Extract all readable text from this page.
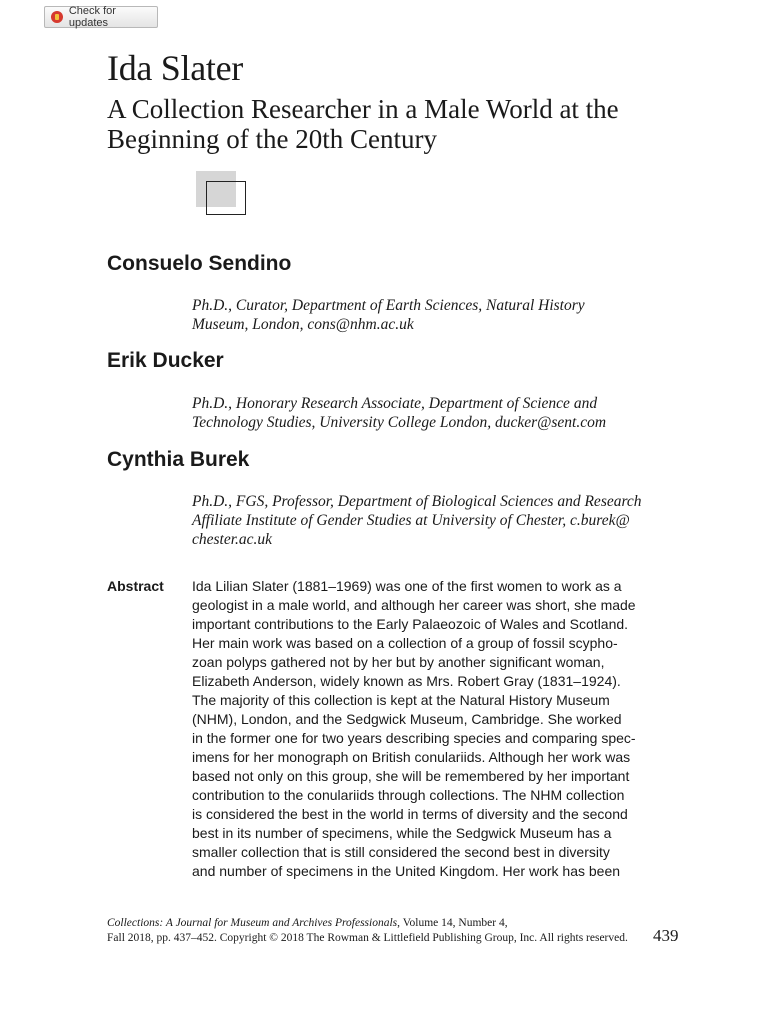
Check for updates
Ida Slater
A Collection Researcher in a Male World at the
Beginning of the 20th Century
Consuelo Sendino

Ph.D., Curator, Department of Earth Sciences, Natural History
Museum, London, cons@nhm.ac.uk

Erik Ducker

Ph.D., Honorary Research Associate, Department of Science and
Technology Studies, University College London, ducker@sent.com

Cynthia Burek

Ph.D., FGS, Professor, Department of Biological Sciences and Research
Affiliate Institute of Gender Studies at University of Chester, c.burek@
chester.ac.uk

Abstract Ida Lilian Slater (1881–1969) was one of the first women to work as a
geologist in a male world, and although her career was short, she made
important contributions to the Early Palaeozoic of Wales and Scotland.
Her main work was based on a collection of a group of fossil scypho-
zoan polyps gathered not by her but by another significant woman,
Elizabeth Anderson, widely known as Mrs. Robert Gray (1831–1924).
The majority of this collection is kept at the Natural History Museum
(NHM), London, and the Sedgwick Museum, Cambridge. She worked
in the former one for two years describing species and comparing spec-
imens for her monograph on British conulariids. Although her work was
based not only on this group, she will be remembered by her important
contribution to the conulariids through collections. The NHM collection
is considered the best in the world in terms of diversity and the second
best in its number of specimens, while the Sedgwick Museum has a
smaller collection that is still considered the second best in diversity
and number of specimens in the United Kingdom. Her work has been

Collections: A Journal for Museum and Archives Professionals, Volume 14, Number 4,
Fall 2018, pp. 437–452. Copyright © 2018 The Rowman & Littlefield Publishing Group, Inc. All rights reserved.	439
